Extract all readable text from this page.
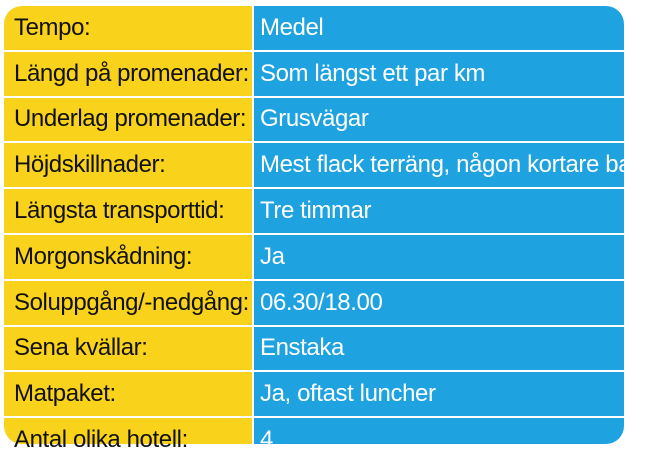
Tempo:	Medel
Längd på promenader:	Som längst ett par km
Underlag promenader:	Grusvägar
Höjdskillnader:	Mest flack terräng, någon kortare backe
Längsta transporttid:	Tre timmar
Morgonskådning:	Ja
Soluppgång/-nedgång:	06.30/18.00
Sena kvällar:	Enstaka
Matpaket:	Ja, oftast luncher
Antal olika hotell:	4
